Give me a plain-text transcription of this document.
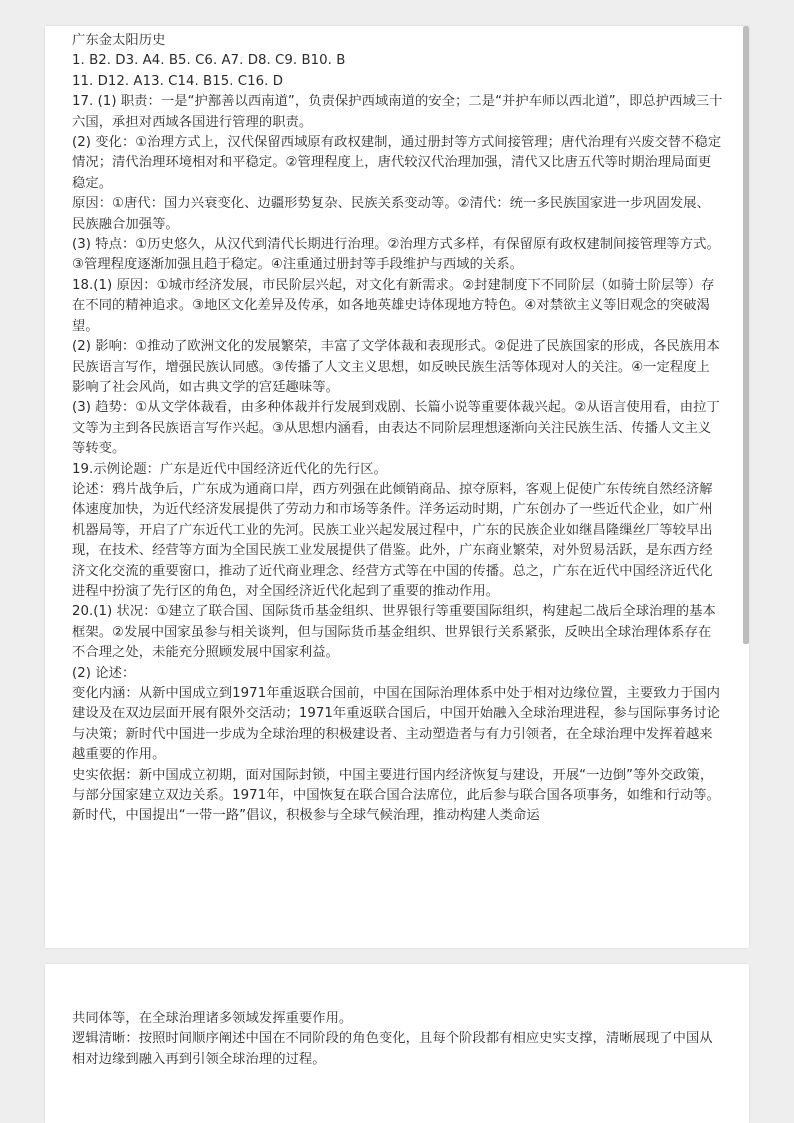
广东金太阳历史

1. B2. D3. A4. B5. C6. A7. D8. C9. B10. B

11. D12. A13. C14. B15. C16. D

17. (1) 职责：一是“护鄯善以西南道”，负责保护西域南道的安全；二是“并护车师以西北道”，即总护西域三十六国，承担对西域各国进行管理的职责。

(2) 变化：①治理方式上，汉代保留西域原有政权建制，通过册封等方式间接管理；唐代治理有兴废交替不稳定情况；清代治理环境相对和平稳定。②管理程度上，唐代较汉代治理加强，清代又比唐五代等时期治理局面更稳定。

原因：①唐代：国力兴衰变化、边疆形势复杂、民族关系变动等。②清代：统一多民族国家进一步巩固发展、民族融合加强等。

(3) 特点：①历史悠久，从汉代到清代长期进行治理。②治理方式多样，有保留原有政权建制间接管理等方式。③管理程度逐渐加强且趋于稳定。④注重通过册封等手段维护与西域的关系。

18.(1) 原因：①城市经济发展，市民阶层兴起，对文化有新需求。②封建制度下不同阶层（如骑士阶层等）存在不同的精神追求。③地区文化差异及传承，如各地英雄史诗体现地方特色。④对禁欲主义等旧观念的突破渴望。

(2) 影响：①推动了欧洲文化的发展繁荣，丰富了文学体裁和表现形式。②促进了民族国家的形成，各民族用本民族语言写作，增强民族认同感。③传播了人文主义思想，如反映民族生活等体现对人的关注。④一定程度上影响了社会风尚，如古典文学的宫廷趣味等。

(3) 趋势：①从文学体裁看，由多种体裁并行发展到戏剧、长篇小说等重要体裁兴起。②从语言使用看，由拉丁文等为主到各民族语言写作兴起。③从思想内涵看，由表达不同阶层理想逐渐向关注民族生活、传播人文主义等转变。

19.示例论题：广东是近代中国经济近代化的先行区。

论述：鸦片战争后，广东成为通商口岸，西方列强在此倾销商品、掠夺原料，客观上促使广东传统自然经济解体速度加快，为近代经济发展提供了劳动力和市场等条件。洋务运动时期，广东创办了一些近代企业，如广州机器局等，开启了广东近代工业的先河。民族工业兴起发展过程中，广东的民族企业如继昌隆缫丝厂等较早出现，在技术、经营等方面为全国民族工业发展提供了借鉴。此外，广东商业繁荣，对外贸易活跃，是东西方经济文化交流的重要窗口，推动了近代商业理念、经营方式等在中国的传播。总之，广东在近代中国经济近代化进程中扮演了先行区的角色，对全国经济近代化起到了重要的推动作用。

20.(1) 状况：①建立了联合国、国际货币基金组织、世界银行等重要国际组织，构建起二战后全球治理的基本框架。②发展中国家虽参与相关谈判，但与国际货币基金组织、世界银行关系紧张，反映出全球治理体系存在不合理之处，未能充分照顾发展中国家利益。

(2) 论述：

变化内涵：从新中国成立到1971年重返联合国前，中国在国际治理体系中处于相对边缘位置，主要致力于国内建设及在双边层面开展有限外交活动；1971年重返联合国后，中国开始融入全球治理进程，参与国际事务讨论与决策；新时代中国进一步成为全球治理的积极建设者、主动塑造者与有力引领者，在全球治理中发挥着越来越重要的作用。

史实依据：新中国成立初期，面对国际封锁，中国主要进行国内经济恢复与建设，开展“一边倒”等外交政策，与部分国家建立双边关系。1971年，中国恢复在联合国合法席位，此后参与联合国各项事务，如维和行动等。新时代，中国提出“一带一路”倡议，积极参与全球气候治理，推动构建人类命运

共同体等，在全球治理诸多领域发挥重要作用。

逻辑清晰：按照时间顺序阐述中国在不同阶段的角色变化，且每个阶段都有相应史实支撑，清晰展现了中国从相对边缘到融入再到引领全球治理的过程。
